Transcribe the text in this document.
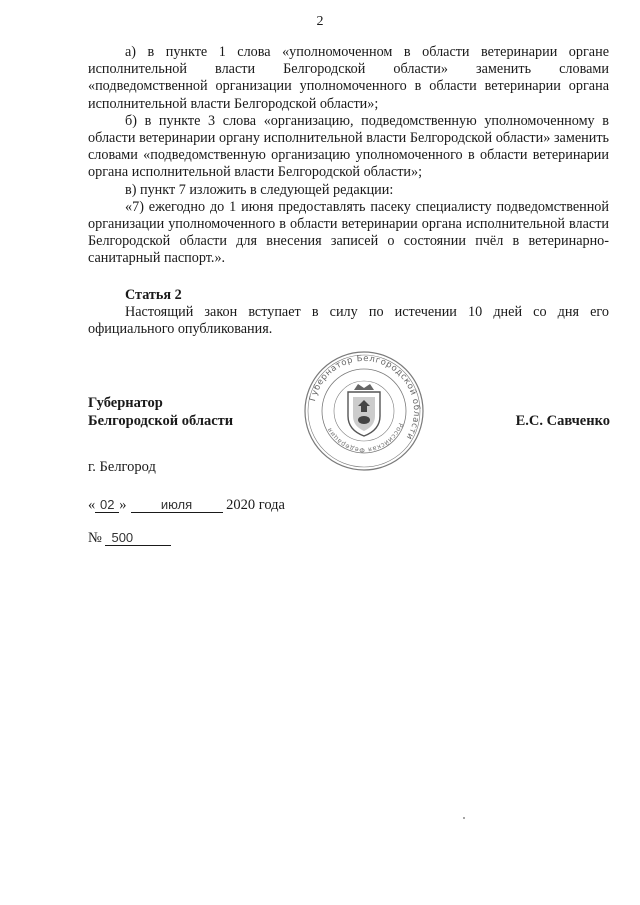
2

а) в пункте 1 слова «уполномоченном в области ветеринарии органе исполнительной власти Белгородской области» заменить словами «подведомственной организации уполномоченного в области ветеринарии органа исполнительной власти Белгородской области»;

б) в пункте 3 слова «организацию, подведомственную уполномоченному в области ветеринарии органу исполнительной власти Белгородской области» заменить словами «подведомственную организацию уполномоченного в области ветеринарии органа исполнительной власти Белгородской области»;

в) пункт 7 изложить в следующей редакции:

«7) ежегодно до 1 июня предоставлять пасеку специалисту подведомственной организации уполномоченного в области ветеринарии органа исполнительной власти Белгородской области для внесения записей о состоянии пчёл в ветеринарно-санитарный паспорт.».

Статья 2

Настоящий закон вступает в силу по истечении 10 дней со дня его официального опубликования.

Губернатор
Белгородской области
Губернатор Белгородской области
Российская Федерация
Е.С. Савченко
г. Белгород
« 02 »	июля 2020 года
№ 500
